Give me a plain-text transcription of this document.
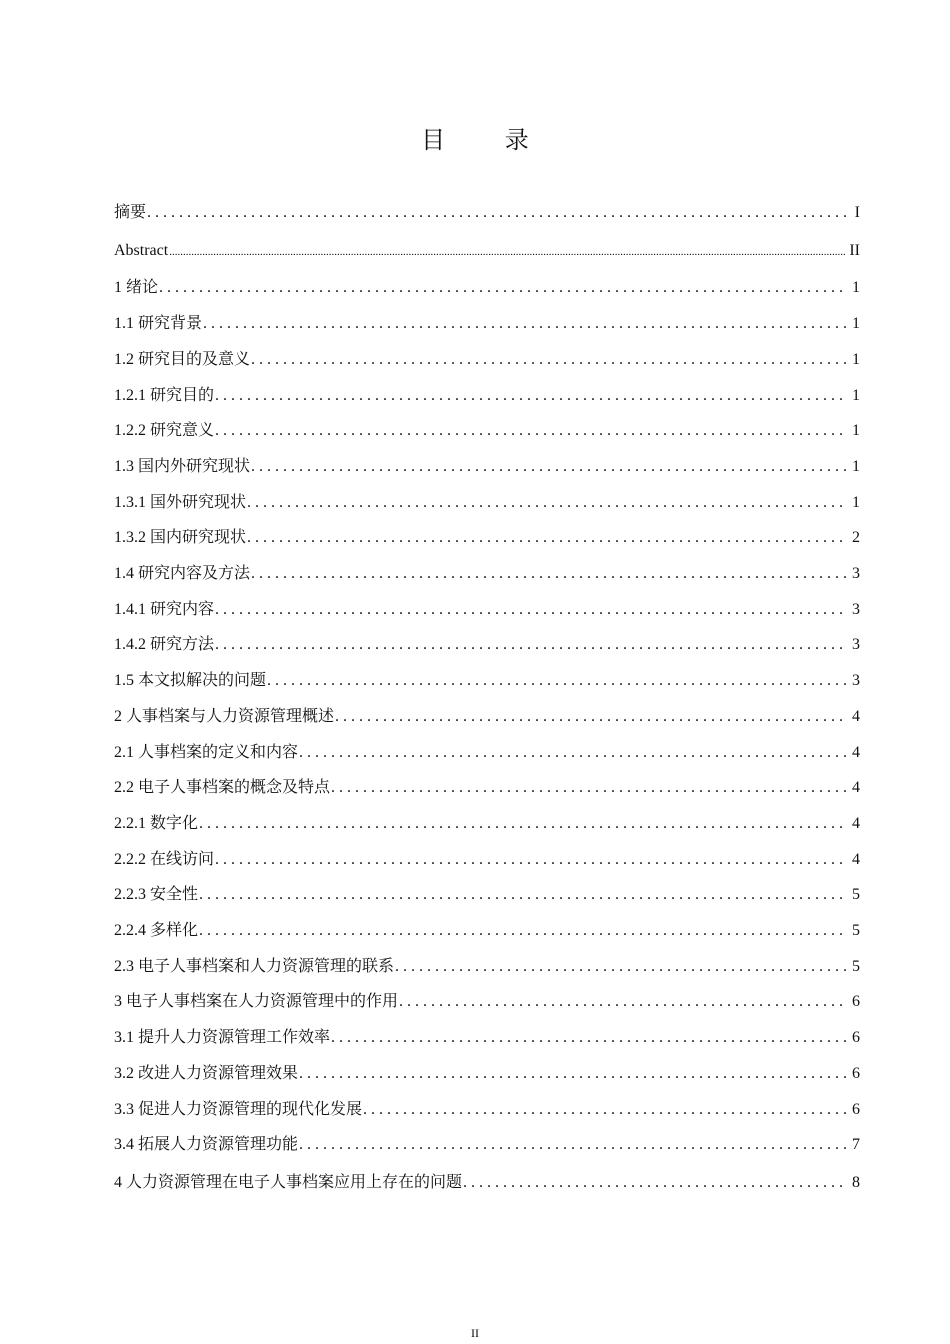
目 录
摘要 . . .	I
Abstract .....	II
1 绪论 . . .	1
1.1 研究背景 . . .	1
1.2 研究目的及意义 . . .	1
1.2.1 研究目的 . . .	1
1.2.2 研究意义 . . .	1
1.3 国内外研究现状 . . .	1
1.3.1 国外研究现状 . . .	1
1.3.2 国内研究现状 . . .	2
1.4 研究内容及方法 . . .	3
1.4.1 研究内容 . . .	3
1.4.2 研究方法 . . .	3
1.5 本文拟解决的问题 . . .	3
2 人事档案与人力资源管理概述 . . .	4
2.1 人事档案的定义和内容 . . .	4
2.2 电子人事档案的概念及特点 . . .	4
2.2.1 数字化 . . .	4
2.2.2 在线访问 . . .	4
2.2.3 安全性 . . .	5
2.2.4 多样化 . . .	5
2.3 电子人事档案和人力资源管理的联系 . . .	5
3 电子人事档案在人力资源管理中的作用 . . .	6
3.1 提升人力资源管理工作效率 . . .	6
3.2 改进人力资源管理效果 . . .	6
3.3 促进人力资源管理的现代化发展 . . .	6
3.4 拓展人力资源管理功能 . . .	7
4 人力资源管理在电子人事档案应用上存在的问题 . . .	8
II
